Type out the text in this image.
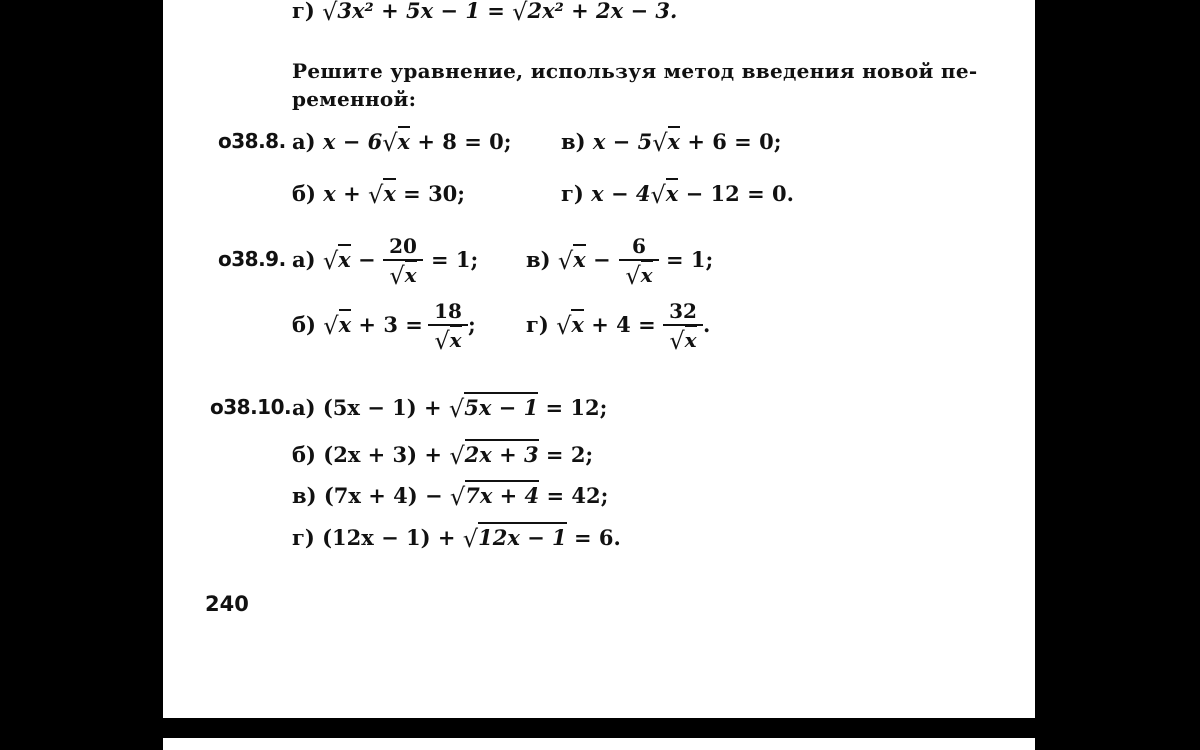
г) √3x² + 5x − 1 = √2x² + 2x − 3.
Решите уравнение, используя метод введения новой пе-
ременной:
о38.8. а) x − 6√x + 8 = 0; в) x − 5√x + 6 = 0;
б) x + √x = 30;	г) x − 4√x − 12 = 0.
о38.9. а) $√x - \frac{20}{√x} = 1$; в) $√x - \frac{6}{√x} = 1$;
б) $√x + 3 = \frac{18}{√x}$ ; г) $√x + 4 = \frac{32}{√x}$ .
о38.10. а) (5x − 1) + √5x − 1 = 12;
б) (2x + 3) + √2x + 3 = 2;
в) (7x + 4) − √7x + 4 = 42;
г) (12x − 1) + √12x − 1 = 6.
240
